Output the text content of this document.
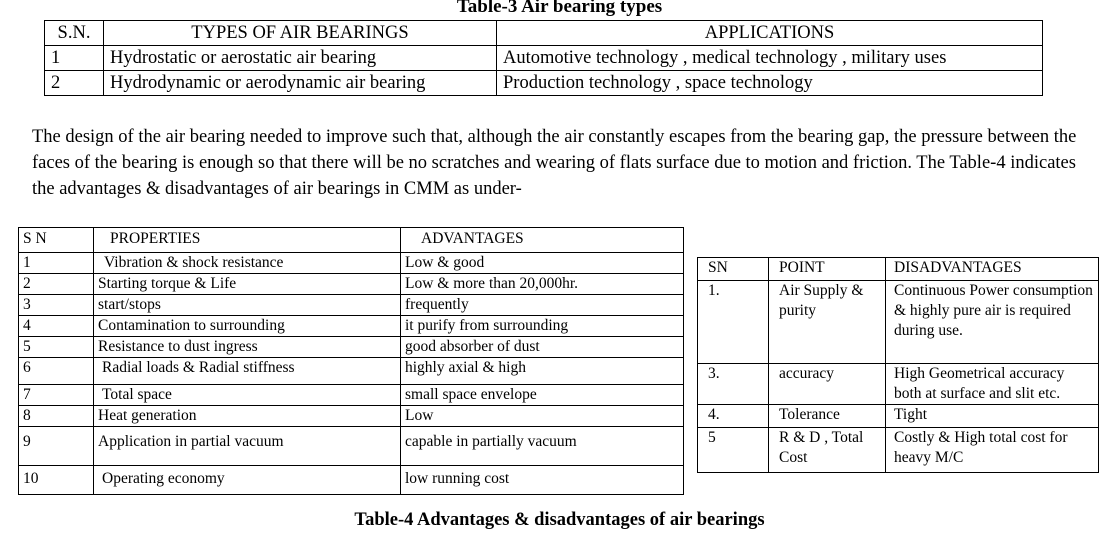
Table-3 Air bearing types
S.N.	TYPES OF AIR BEARINGS	APPLICATIONS
1	Hydrostatic or aerostatic air bearing	Automotive technology , medical technology , military uses
2	Hydrodynamic or aerodynamic air bearing	Production technology , space technology

The design of the air bearing needed to improve such that, although the air constantly escapes from the bearing gap, the pressure between the faces of the bearing is enough so that there will be no scratches and wearing of flats surface due to motion and friction. The Table-4 indicates the advantages & disadvantages of air bearings in CMM as under-

S N	PROPERTIES	ADVANTAGES
1	Vibration & shock resistance	Low & good
2	Starting torque & Life	Low & more than 20,000hr.
3	start/stops	frequently
4	Contamination to surrounding	it purify from surrounding
5	Resistance to dust ingress	good absorber of dust
6	Radial loads & Radial stiffness	highly axial & high
7	Total space	small space envelope
8	Heat generation	Low
9	Application in partial vacuum	capable in partially vacuum
10	Operating economy	low running cost
SN	POINT	DISADVANTAGES
1.	Air Supply & purity	Continuous Power consumption & highly pure air is required during use.
3.	accuracy	High Geometrical accuracy both at surface and slit etc.
4.	Tolerance	Tight
5	R & D , Total Cost	Costly & High total cost for heavy M/C
Table-4 Advantages & disadvantages of air bearings
